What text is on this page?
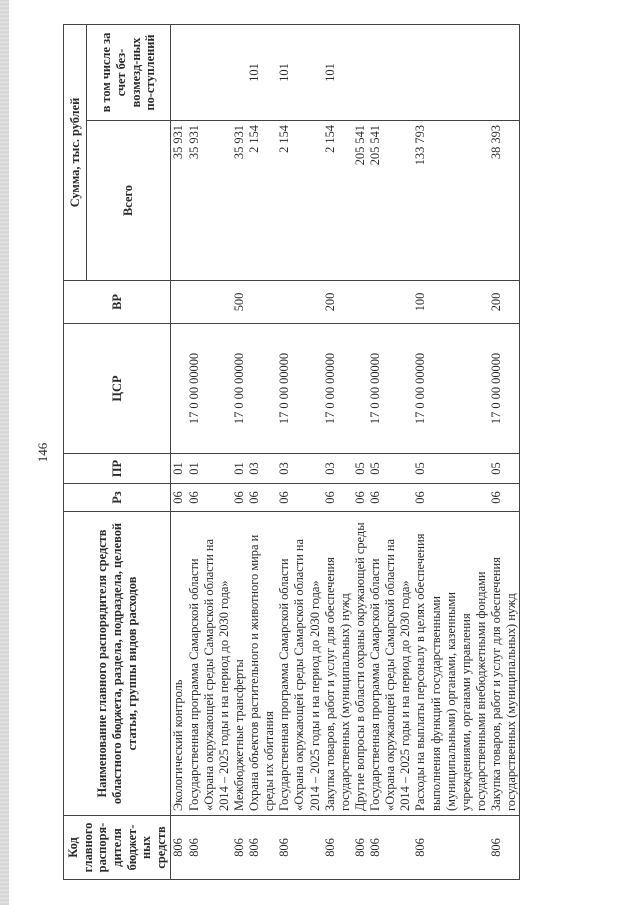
146
Код главного распоря-дителя бюджет-ных средств	Наименование главного распорядителя средств областного бюджета, раздела, подраздела, целевой статьи, группы видов расходов	Рз	ПР	ЦСР	ВР	Сумма, тыс. рублей	
						Всего	в том числе за счет без-возмезд-ных по-ступлений
806	Экологический контроль	06	01			35 931	
806	Государственная программа Самарской области «Охрана окружающей среды Самарской области на 2014 – 2025 годы и на период до 2030 года»	06	01	17 0 00 00000		35 931	
806	Межбюджетные трансферты	06	01	17 0 00 00000	500	35 931	
806	Охрана объектов растительного и животного мира и среды их обитания	06	03			2 154	101
806	Государственная программа Самарской области «Охрана окружающей среды Самарской области на 2014 – 2025 годы и на период до 2030 года»	06	03	17 0 00 00000		2 154	101
806	Закупка товаров, работ и услуг для обеспечения государственных (муниципальных) нужд	06	03	17 0 00 00000	200	2 154	101
806	Другие вопросы в области охраны окружающей среды	06	05			205 541	
806	Государственная программа Самарской области «Охрана окружающей среды Самарской области на 2014 – 2025 годы и на период до 2030 года»	06	05	17 0 00 00000		205 541	
806	Расходы на выплаты персоналу в целях обеспечения выполнения функций государственными (муниципальными) органами, казенными учреждениями, органами управления государственными внебюджетными фондами	06	05	17 0 00 00000	100	133 793	
806	Закупка товаров, работ и услуг для обеспечения государственных (муниципальных) нужд	06	05	17 0 00 00000	200	38 393	
